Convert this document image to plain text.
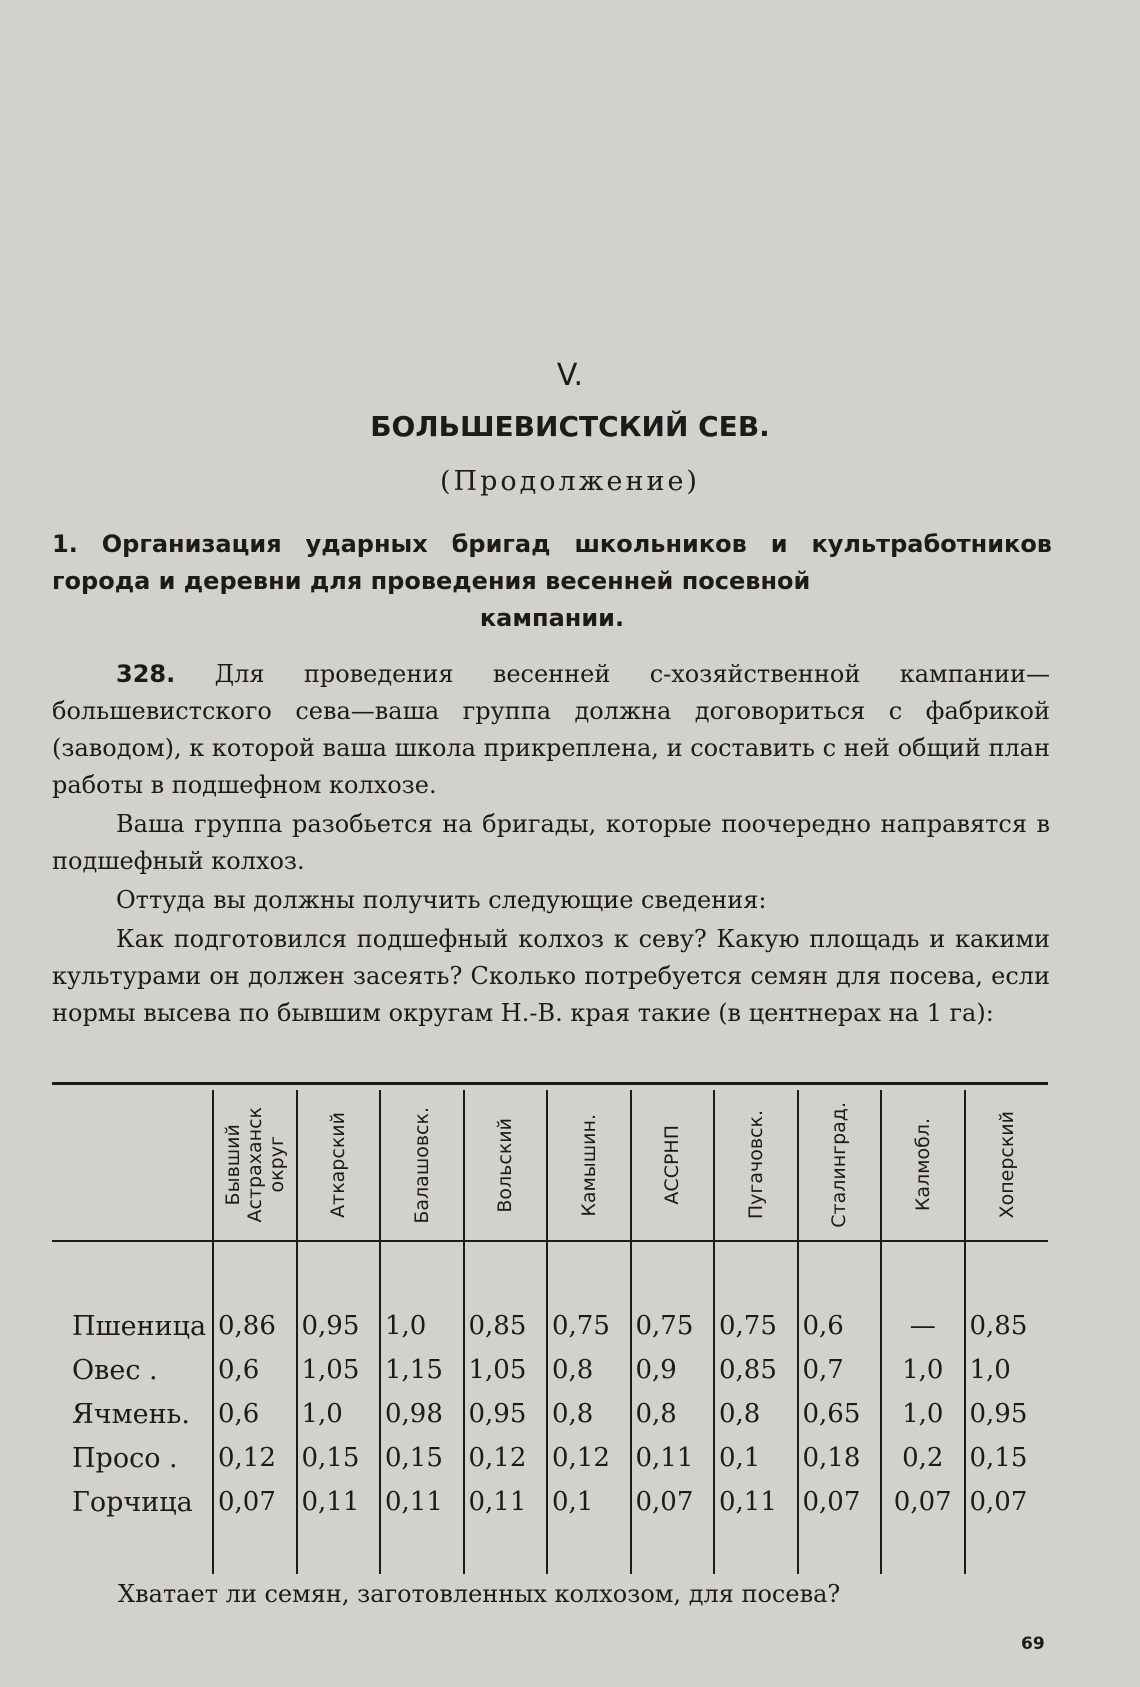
V.
БОЛЬШЕВИСТСКИЙ СЕВ.
(Продолжение)
1. Организация ударных бригад школьников и культработников города и деревни для проведения весенней посевной
кампании.

328. Для проведения весенней с-хозяйственной кампании—большевистского сева—ваша группа должна договориться с фабрикой (заводом), к которой ваша школа прикреплена, и составить с ней общий план работы в подшефном колхозе.

Ваша группа разобьется на бригады, которые поочередно направятся в подшефный колхоз.

Оттуда вы должны получить следующие сведения:

Как подготовился подшефный колхоз к севу? Какую площадь и какими культурами он должен засеять? Сколько потребуется семян для посева, если нормы высева по бывшим округам Н.-В. края такие (в центнерах на 1 га):

	Бывший
Астраханск
округ	Аткарский	Балашовск.	Вольский	Камышин.	АССРНП	Пугачовск.	Сталинград.	Калмобл.	Хоперский

Пшеница	0,86	0,95	1,0	0,85	0,75	0,75	0,75	0,6	—	0,85
Овес .	0,6	1,05	1,15	1,05	0,8	0,9	0,85	0,7	1,0	1,0
Ячмень.	0,6	1,0	0,98	0,95	0,8	0,8	0,8	0,65	1,0	0,95
Просо .	0,12	0,15	0,15	0,12	0,12	0,11	0,1	0,18	0,2	0,15
Горчица	0,07	0,11	0,11	0,11	0,1	0,07	0,11	0,07	0,07	0,07

Хватает ли семян, заготовленных колхозом, для посева?
69
